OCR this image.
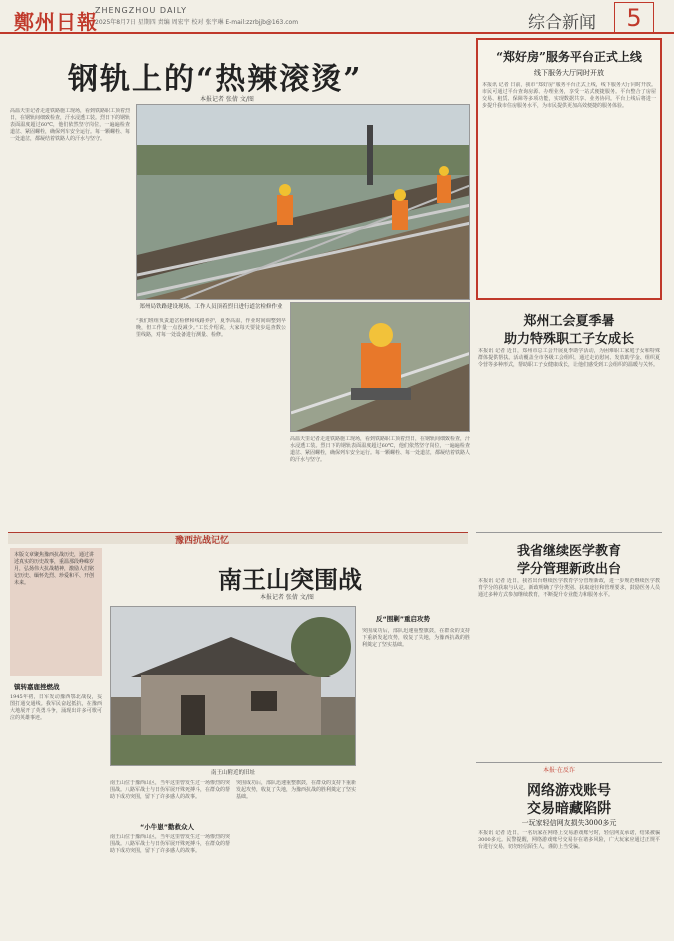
鄭州日報
ZHENGZHOU DAILY
2025年8月7日 星期四 责编 周宏宇 校对 张宇琳 E-mail:zzrbjjb@163.com	综合新闻	5
钢轨上的“热辣滚烫”
本报记者 张倩 文/图
高温天里记者走进铁路施工现场，看到铁路职工顶着烈日，在钢轨间细致检查，汗水浸透工装。烈日下的钢轨表面温度超过60℃，他们依然坚守岗位，一遍遍检查道岔、紧固螺栓，确保列车安全运行。每一颗螺栓、每一处道岔，都凝结着铁路人的汗水与坚守。
郑州局铁路建设现场，工作人员顶着烈日进行道岔检修作业
“我们班组负责道岔检修和线路养护，夏季高温，作业时间调整到早晚，但工作量一点没减少。”工长介绍说，大家每天要徒步巡查数公里线路，对每一处设备进行测量、检修。
高温天里记者走进铁路施工现场，看到铁路职工顶着烈日，在钢轨间细致检查，汗水浸透工装。烈日下的钢轨表面温度超过60℃，他们依然坚守岗位，一遍遍检查道岔、紧固螺栓，确保列车安全运行。每一颗螺栓、每一处道岔，都凝结着铁路人的汗水与坚守。
“郑好房”服务平台正式上线
线下服务大厅同时开放
本报讯 记者 日前，我市“郑好房”服务平台正式上线，线下服务大厅同时开放。市民可通过平台查询房源、办理业务，享受一站式便捷服务。平台整合了房屋交易、租赁、保障等多项功能，实现数据共享、业务协同。平台上线后将进一步提升我市住房服务水平，为市民提供更加高效便捷的服务体验。
郑州工会夏季暑
助力特殊职工子女成长
本报讯 记者 近日，郑州市总工会开展夏季助学活动，为困难职工家庭子女和特殊群体提供帮扶。活动覆盖全市各级工会组织，通过走访慰问、发放助学金、组织夏令营等多种形式，帮助职工子女健康成长，让他们感受到工会组织的温暖与关怀。
我省继续医学教育
学分管理新政出台
本报讯 记者 近日，我省出台继续医学教育学分管理新政，进一步规范继续医学教育学分的获取与认定。新政明确了学分类别、获取途径和管理要求，鼓励医务人员通过多种方式参加继续教育，不断提升专业能力和服务水平。
豫西抗战记忆
本版文章聚焦豫西抗战历史，通过讲述真实的历史故事，重温那段峥嵘岁月，弘扬伟大抗战精神，激励人们铭记历史、缅怀先烈、珍爱和平、开创未来。
镇转嘉鹿挫燃战
1945年初，日军发动豫西鄂北战役，妄图打通交通线。我军民奋起抵抗，在豫西大地展开了英勇斗争，涌现出许多可歌可泣的英雄事迹。
南王山突围战
本报记者 张倩 文/图
南王山附近的旧址
南王山位于豫西山区，当年这里曾发生过一场惨烈的突围战。八路军战士与日伪军展开殊死搏斗，在群众的帮助下成功突围，留下了许多感人的故事。
“小牛崽”勤救众人
南王山位于豫西山区，当年这里曾发生过一场惨烈的突围战。八路军战士与日伪军展开殊死搏斗，在群众的帮助下成功突围，留下了许多感人的故事。
突围成功后，部队迅速重整旗鼓，在群众的支持下重新发起攻势，收复了失地，为豫西抗战的胜利奠定了坚实基础。
反“围剿”重启攻势
突围成功后，部队迅速重整旗鼓，在群众的支持下重新发起攻势，收复了失地，为豫西抗战的胜利奠定了坚实基础。
本报·在反诈
网络游戏账号
交易暗藏陷阱
一玩家轻信网友损失3000多元
本报讯 记者 近日，一名玩家在网络上交易游戏账号时，轻信网友承诺，结果被骗3000多元。民警提醒，网络游戏账号交易存在诸多风险，广大玩家应通过正规平台进行交易，切勿轻信陌生人，谨防上当受骗。
